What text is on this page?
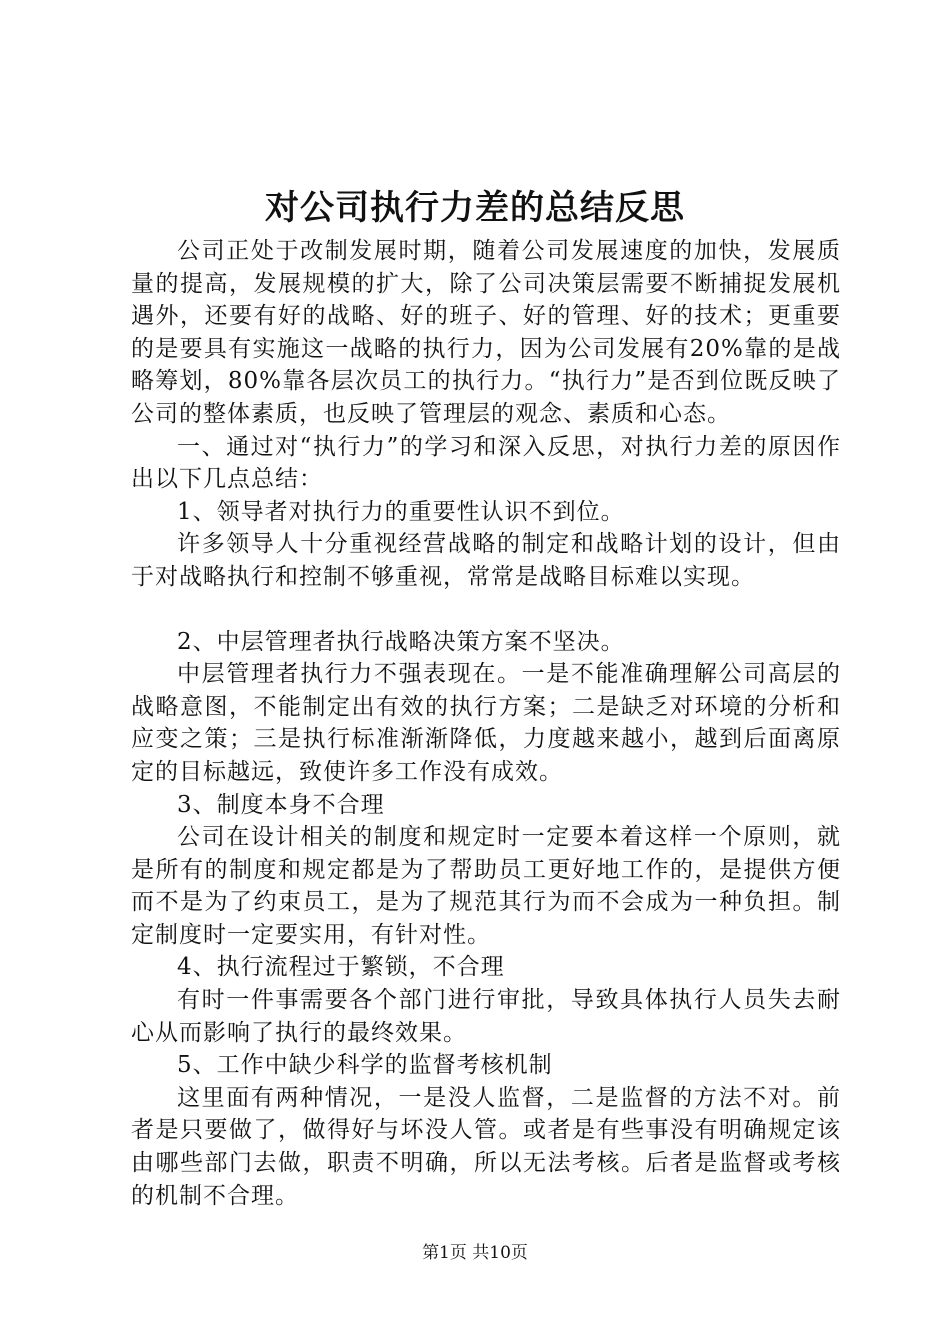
对公司执行力差的总结反思

公司正处于改制发展时期，随着公司发展速度的加快，发展质量的提高，发展规模的扩大，除了公司决策层需要不断捕捉发展机遇外，还要有好的战略、好的班子、好的管理、好的技术；更重要的是要具有实施这一战略的执行力，因为公司发展有20%靠的是战略筹划，80%靠各层次员工的执行力。“执行力”是否到位既反映了公司的整体素质，也反映了管理层的观念、素质和心态。

一、通过对“执行力”的学习和深入反思，对执行力差的原因作出以下几点总结：

1、领导者对执行力的重要性认识不到位。

许多领导人十分重视经营战略的制定和战略计划的设计，但由于对战略执行和控制不够重视，常常是战略目标难以实现。

2、中层管理者执行战略决策方案不坚决。

中层管理者执行力不强表现在。一是不能准确理解公司高层的战略意图，不能制定出有效的执行方案；二是缺乏对环境的分析和应变之策；三是执行标准渐渐降低，力度越来越小，越到后面离原定的目标越远，致使许多工作没有成效。

3、制度本身不合理

公司在设计相关的制度和规定时一定要本着这样一个原则，就是所有的制度和规定都是为了帮助员工更好地工作的，是提供方便而不是为了约束员工，是为了规范其行为而不会成为一种负担。制定制度时一定要实用，有针对性。

4、执行流程过于繁锁，不合理

有时一件事需要各个部门进行审批，导致具体执行人员失去耐心从而影响了执行的最终效果。

5、工作中缺少科学的监督考核机制

这里面有两种情况，一是没人监督，二是监督的方法不对。前者是只要做了，做得好与坏没人管。或者是有些事没有明确规定该由哪些部门去做，职责不明确，所以无法考核。后者是监督或考核的机制不合理。

第1页 共10页
